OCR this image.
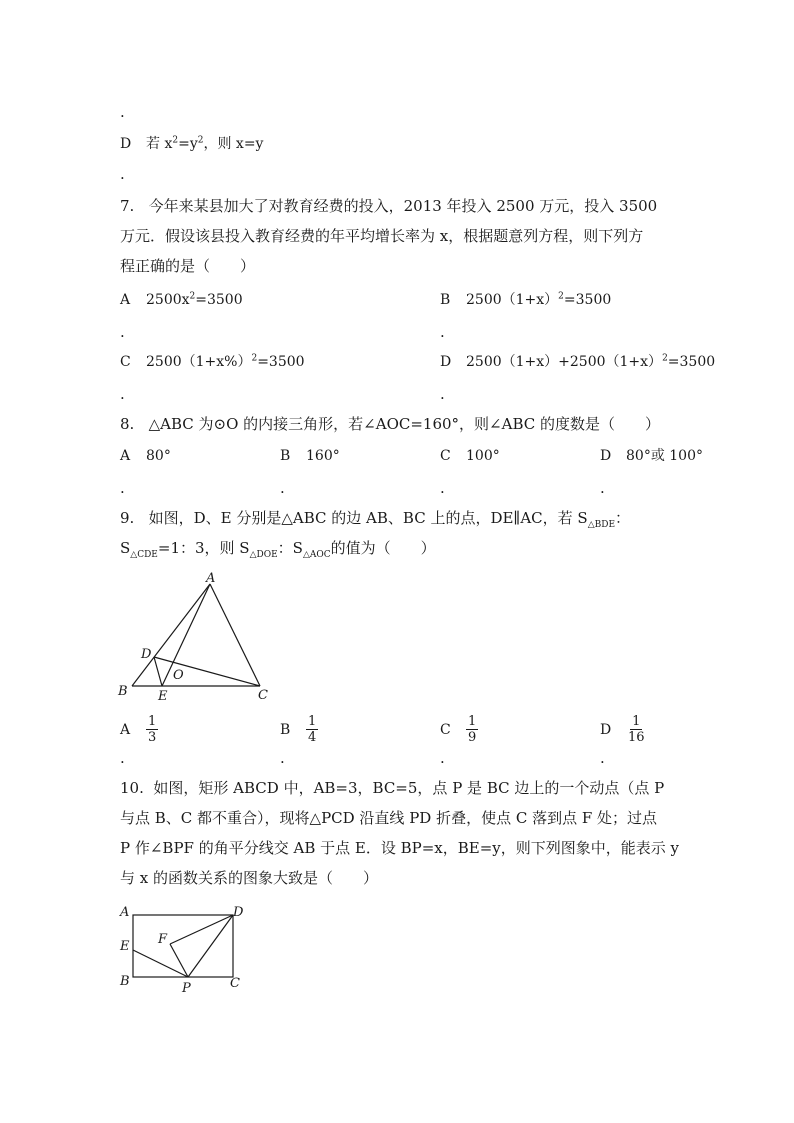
.
D 若 $x^2=y^2$，则 x=y
.
7.   今年来某县加大了对教育经费的投入，2013 年投入 2500 万元，投入 3500
万元．假设该县投入教育经费的年平均增长率为 x，根据题意列方程，则下列方
程正确的是（　　）
A $2500x^2=3500$	B $2500(1+x)^2=3500$
.	.
C $2500(1+x\%)^2=3500$	D $2500(1+x)+2500(1+x)^2=3500$
.	.
8.   △ABC 为⊙O 的内接三角形，若∠AOC=160°，则∠ABC 的度数是（　　）
A 80°	B 160°	C 100°	D 80°或 100°
.	.	.	.
9.   如图，D、E 分别是△ABC 的边 AB、BC 上的点，DE∥AC，若 $S_{\triangle BDE}$：
$S_{\triangle CDE}=1$：3，则 $S_{\triangle DOE}$：$S_{\triangle AOC}$的值为（　　）
A
D
O
B E	C
A $\frac{1}{3}$	B $\frac{1}{4}$	C $\frac{1}{9}$	D $\frac{1}{16}$
.	.	.	.
10.  如图，矩形 ABCD 中，AB=3，BC=5，点 P 是 BC 边上的一个动点（点 P
与点 B、C 都不重合），现将△PCD 沿直线 PD 折叠，使点 C 落到点 F 处；过点
P 作∠BPF 的角平分线交 AB 于点 E．设 BP=x，BE=y，则下列图象中，能表示 y
与 x 的函数关系的图象大致是（　　）
A	D
E F
B	P	C
